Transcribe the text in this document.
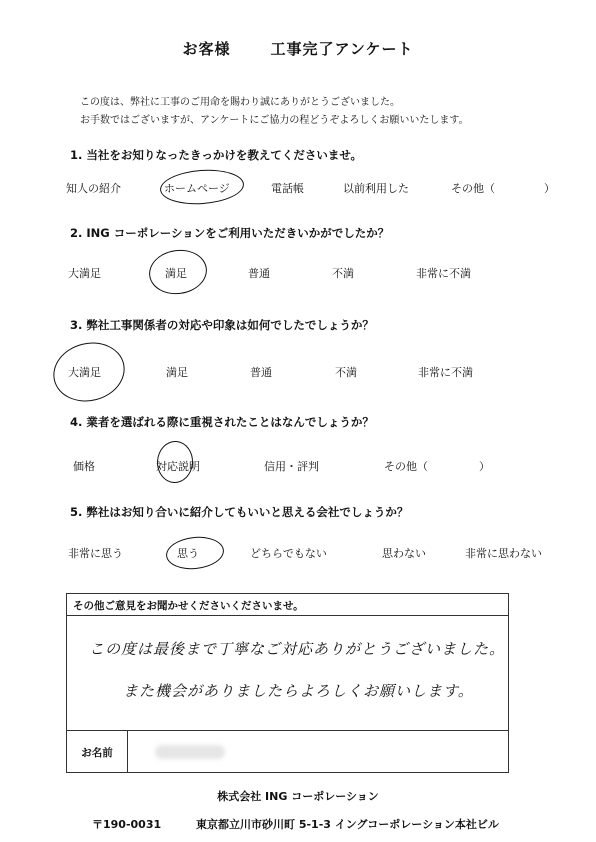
お客様	工事完了アンケート
この度は、弊社に工事のご用命を賜わり誠にありがとうございました。
お手数ではございますが、アンケートにご協力の程どうぞよろしくお願いいたします。
1. 当社をお知りなったきっかけを教えてくださいませ。
知人の紹介	ホームページ	電話帳	以前利用した	その他（	）
2. ING コーポレーションをご利用いただきいかがでしたか？
大満足	満足	普通	不満	非常に不満
3. 弊社工事関係者の対応や印象は如何でしたでしょうか？
大満足	満足	普通	不満	非常に不満
4. 業者を選ばれる際に重視されたことはなんでしょうか？
価格	対応説明	信用・評判	その他（	）
5. 弊社はお知り合いに紹介してもいいと思える会社でしょうか？
非常に思う	思う	どちらでもない	思わない	非常に思わない
その他ご意見をお聞かせくださいくださいませ。
この度は最後まで丁寧なご対応ありがとうございました。
また機会がありましたらよろしくお願いします。
お名前
株式会社 ING コーポレーション
〒190-0031	東京都立川市砂川町 5-1-3 イングコーポレーション本社ビル
